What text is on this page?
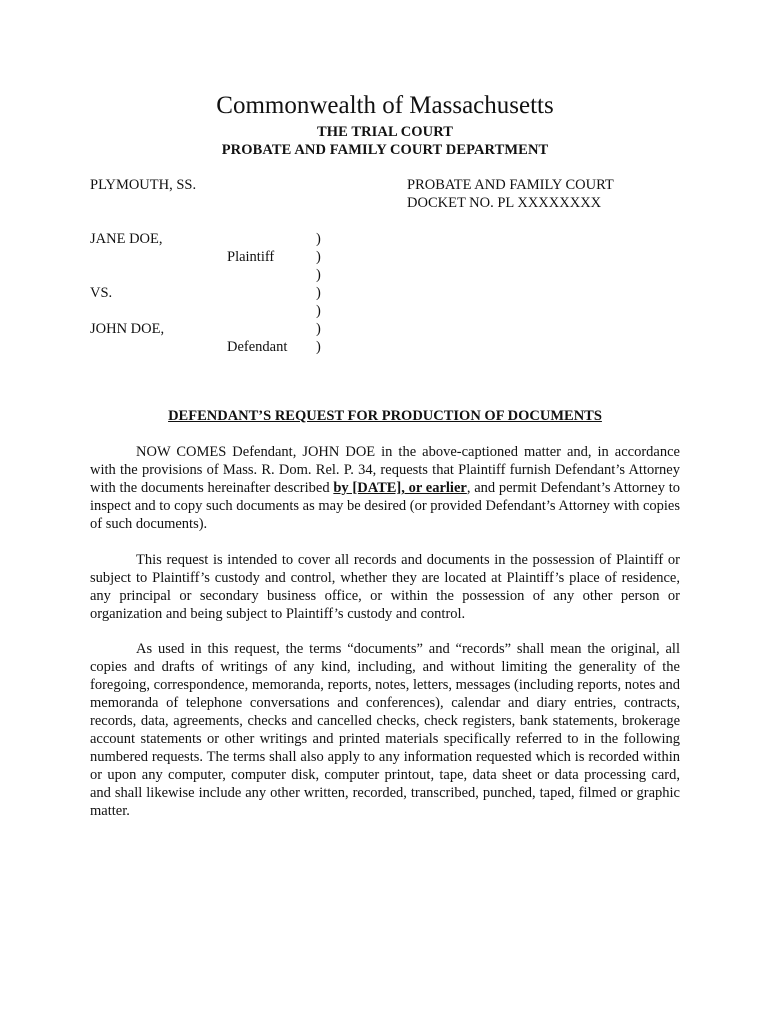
Commonwealth of Massachusetts
THE TRIAL COURT
PROBATE AND FAMILY COURT DEPARTMENT
PLYMOUTH, SS.	PROBATE AND FAMILY COURT
DOCKET NO. PL XXXXXXXX
JANE DOE,
Plaintiff
VS.
JOHN DOE,
Defendant
)
)
)
)
)
)
)
DEFENDANT’S REQUEST FOR PRODUCTION OF DOCUMENTS

NOW COMES Defendant, JOHN DOE in the above-captioned matter and, in accordance with the provisions of Mass. R. Dom. Rel. P. 34, requests that Plaintiff furnish Defendant’s Attorney with the documents hereinafter described by [DATE], or earlier, and permit Defendant’s Attorney to inspect and to copy such documents as may be desired (or provided Defendant’s Attorney with copies of such documents).

This request is intended to cover all records and documents in the possession of Plaintiff or subject to Plaintiff’s custody and control, whether they are located at Plaintiff’s place of residence, any principal or secondary business office, or within the possession of any other person or organization and being subject to Plaintiff’s custody and control.

As used in this request, the terms “documents” and “records” shall mean the original, all copies and drafts of writings of any kind, including, and without limiting the generality of the foregoing, correspondence, memoranda, reports, notes, letters, messages (including reports, notes and memoranda of telephone conversations and conferences), calendar and diary entries, contracts, records, data, agreements, checks and cancelled checks, check registers, bank statements, brokerage account statements or other writings and printed materials specifically referred to in the following numbered requests. The terms shall also apply to any information requested which is recorded within or upon any computer, computer disk, computer printout, tape, data sheet or data processing card, and shall likewise include any other written, recorded, transcribed, punched, taped, filmed or graphic matter.
